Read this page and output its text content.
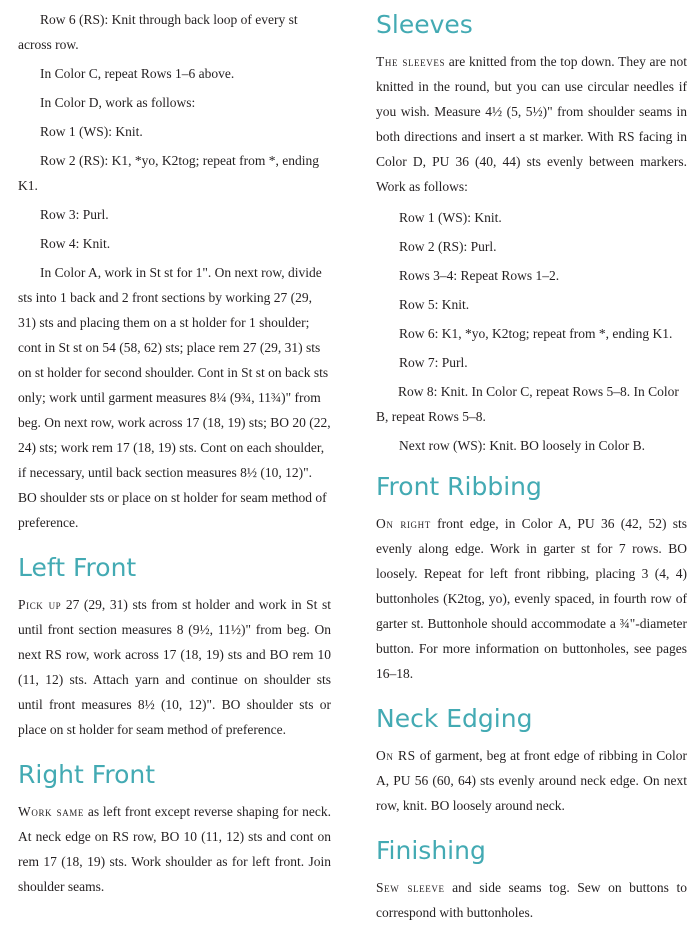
Row 6 (RS): Knit through back loop of every st across row.

In Color C, repeat Rows 1–6 above.

In Color D, work as follows:

Row 1 (WS): Knit.

Row 2 (RS): K1, *yo, K2tog; repeat from *, ending K1.

Row 3: Purl.

Row 4: Knit.

In Color A, work in St st for 1". On next row, divide sts into 1 back and 2 front sections by working 27 (29, 31) sts and placing them on a st holder for 1 shoulder; cont in St st on 54 (58, 62) sts; place rem 27 (29, 31) sts on st holder for second shoulder. Cont in St st on back sts only; work until garment measures 8¼ (9¾, 11¾)" from beg. On next row, work across 17 (18, 19) sts; BO 20 (22, 24) sts; work rem 17 (18, 19) sts. Cont on each shoulder, if necessary, until back section measures 8½ (10, 12)". BO shoulder sts or place on st holder for seam method of preference.

Left Front

Pick up 27 (29, 31) sts from st holder and work in St st until front section measures 8 (9½, 11½)" from beg. On next RS row, work across 17 (18, 19) sts and BO rem 10 (11, 12) sts. Attach yarn and continue on shoulder sts until front measures 8½ (10, 12)". BO shoulder sts or place on st holder for seam method of preference.

Right Front

Work same as left front except reverse shaping for neck. At neck edge on RS row, BO 10 (11, 12) sts and cont on rem 17 (18, 19) sts. Work shoulder as for left front. Join shoulder seams.

Sleeves

The sleeves are knitted from the top down. They are not knitted in the round, but you can use circular needles if you wish. Measure 4½ (5, 5½)" from shoulder seams in both directions and insert a st marker. With RS facing in Color D, PU 36 (40, 44) sts evenly between markers. Work as follows:

Row 1 (WS): Knit.

Row 2 (RS): Purl.

Rows 3–4: Repeat Rows 1–2.

Row 5: Knit.

Row 6: K1, *yo, K2tog; repeat from *, ending K1.

Row 7: Purl.

Row 8: Knit. In Color C, repeat Rows 5–8. In Color B, repeat Rows 5–8.

Next row (WS): Knit. BO loosely in Color B.

Front Ribbing

On right front edge, in Color A, PU 36 (42, 52) sts evenly along edge. Work in garter st for 7 rows. BO loosely. Repeat for left front ribbing, placing 3 (4, 4) buttonholes (K2tog, yo), evenly spaced, in fourth row of garter st. Buttonhole should accommodate a ¾"-diameter button. For more information on buttonholes, see pages 16–18.

Neck Edging

On RS of garment, beg at front edge of ribbing in Color A, PU 56 (60, 64) sts evenly around neck edge. On next row, knit. BO loosely around neck.

Finishing

Sew sleeve and side seams tog. Sew on buttons to correspond with buttonholes.
